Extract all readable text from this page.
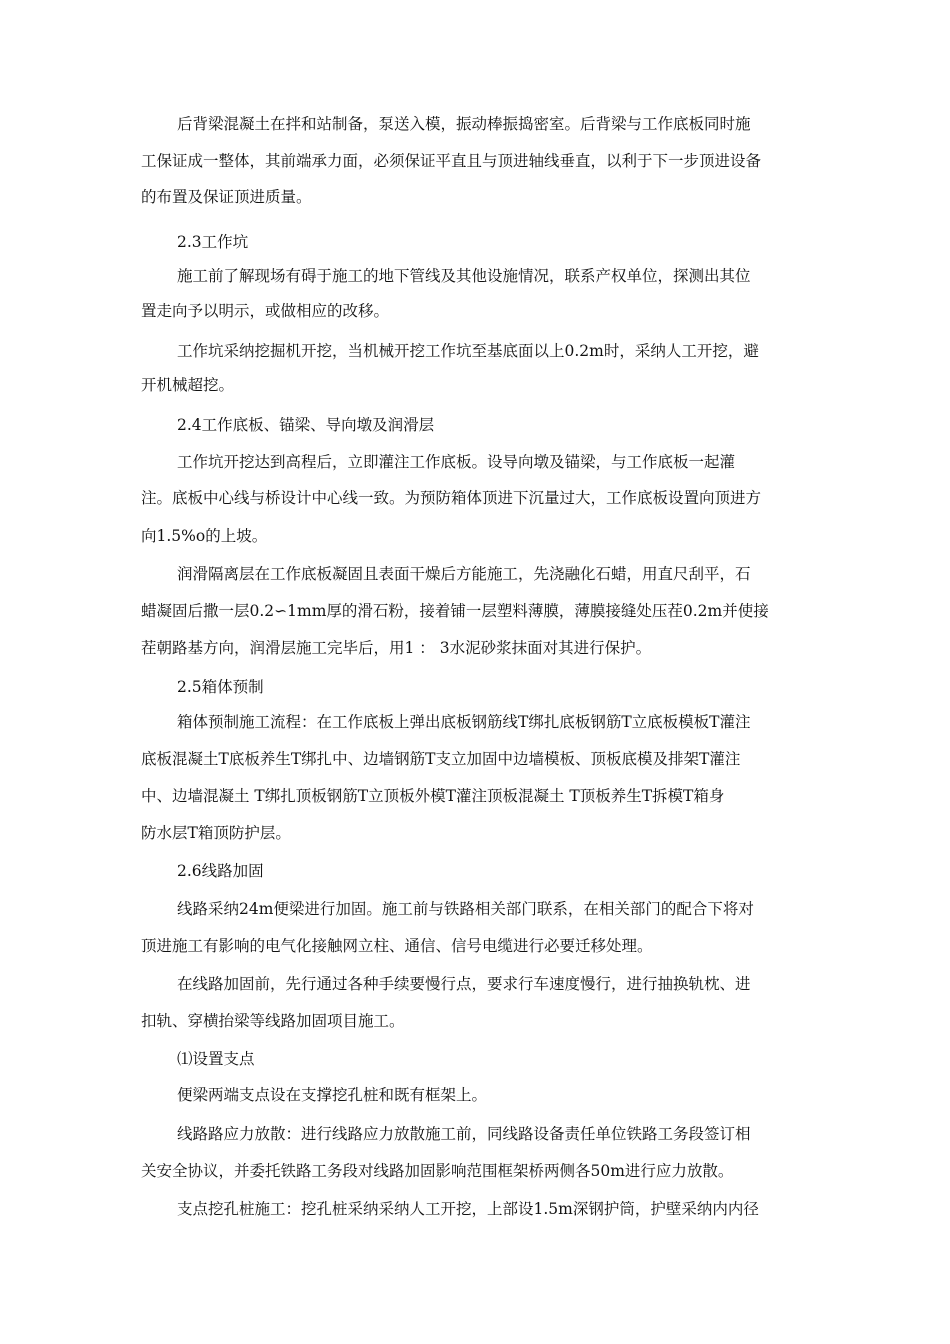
后背梁混凝土在拌和站制备，泵送入模，振动棒振捣密室。后背梁与工作底板同时施
工保证成一整体，其前端承力面，必须保证平直且与顶进轴线垂直，以利于下一步顶进设备
的布置及保证顶进质量。
2.3工作坑
施工前了解现场有碍于施工的地下管线及其他设施情况，联系产权单位，探测出其位
置走向予以明示，或做相应的改移。
工作坑采纳挖掘机开挖，当机械开挖工作坑至基底面以上0.2m时，采纳人工开挖，避
开机械超挖。
2.4工作底板、锚梁、导向墩及润滑层
工作坑开挖达到高程后，立即灌注工作底板。设导向墩及锚梁，与工作底板一起灌
注。底板中心线与桥设计中心线一致。为预防箱体顶进下沉量过大，工作底板设置向顶进方
向1.5%o的上坡。
润滑隔离层在工作底板凝固且表面干燥后方能施工，先浇融化石蜡，用直尺刮平，石
蜡凝固后撒一层0.2∽1mm厚的滑石粉，接着铺一层塑料薄膜，薄膜接缝处压茬0.2m并使接
茬朝路基方向，润滑层施工完毕后，用1 ： 3水泥砂浆抹面对其进行保护。
2.5箱体预制
箱体预制施工流程：在工作底板上弹出底板钢筋线T绑扎底板钢筋T立底板模板T灌注
底板混凝土T底板养生T绑扎中、边墙钢筋T支立加固中边墙模板、顶板底模及排架T灌注
中、边墙混凝土 T绑扎顶板钢筋T立顶板外模T灌注顶板混凝土 T顶板养生T拆模T箱身
防水层T箱顶防护层。
2.6线路加固
线路采纳24m便梁进行加固。施工前与铁路相关部门联系，在相关部门的配合下将对
顶进施工有影响的电气化接触网立柱、通信、信号电缆进行必要迁移处理。
在线路加固前，先行通过各种手续要慢行点，要求行车速度慢行，进行抽换轨枕、进
扣轨、穿横抬梁等线路加固项目施工。
⑴设置支点
便梁两端支点设在支撑挖孔桩和既有框架上。
线路路应力放散：进行线路应力放散施工前，同线路设备责任单位铁路工务段签订相
关安全协议，并委托铁路工务段对线路加固影响范围框架桥两侧各50m进行应力放散。
支点挖孔桩施工：挖孔桩采纳采纳人工开挖，上部设1.5m深钢护筒，护壁采纳内内径
